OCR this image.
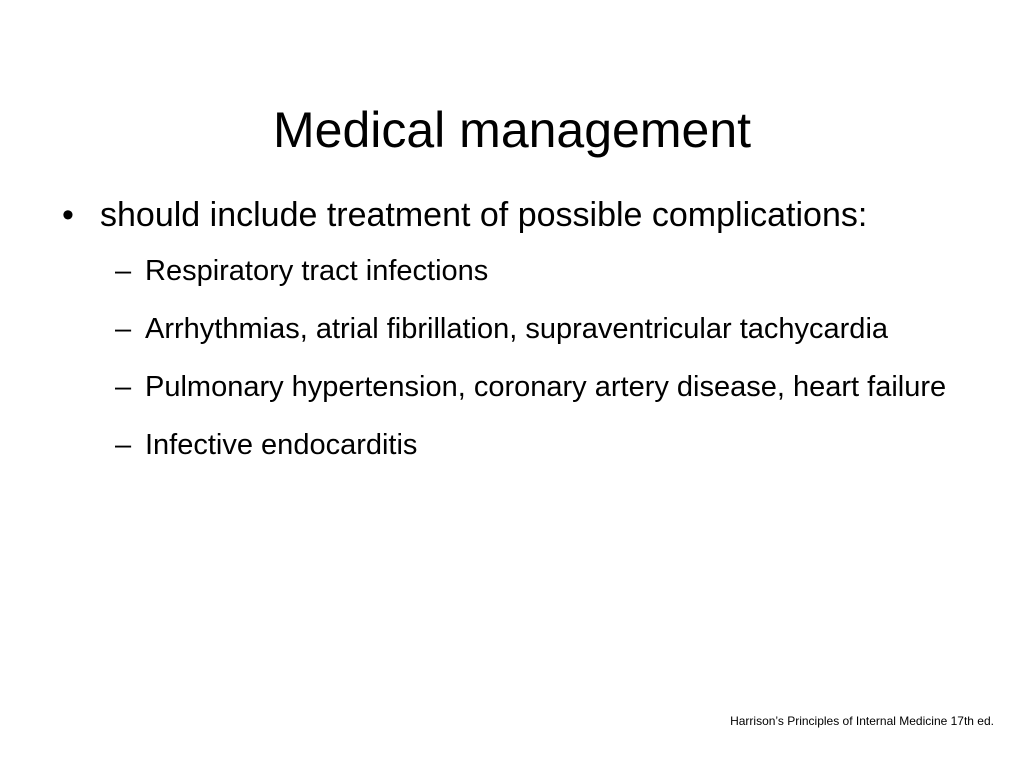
Medical management
• should include treatment of possible complications:
– Respiratory tract infections
– Arrhythmias, atrial fibrillation, supraventricular tachycardia
– Pulmonary hypertension, coronary artery disease, heart failure
– Infective endocarditis
Harrison’s Principles of Internal Medicine 17th ed.
